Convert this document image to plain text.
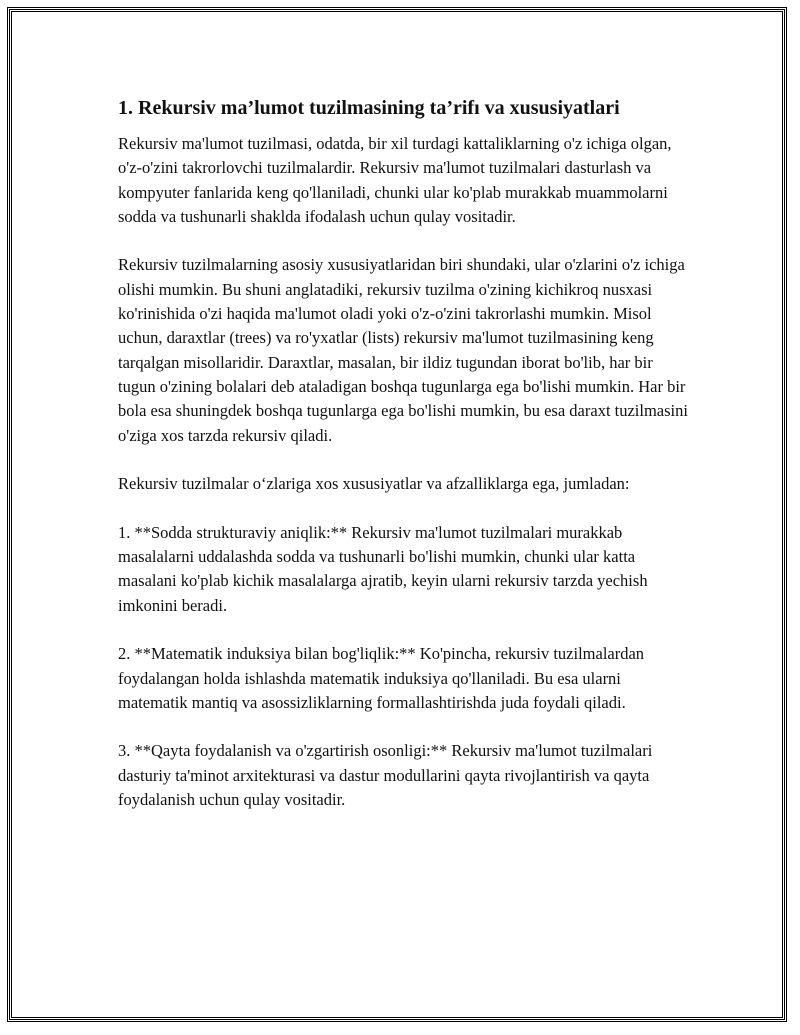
1. Rekursiv ma’lumot tuzilmasining ta’rifı va xususiyatlari

Rekursiv ma'lumot tuzilmasi, odatda, bir xil turdagi kattaliklarning o'z ichiga olgan, o'z-o'zini takrorlovchi tuzilmalardir. Rekursiv ma'lumot tuzilmalari dasturlash va kompyuter fanlarida keng qo'llaniladi, chunki ular ko'plab murakkab muammolarni sodda va tushunarli shaklda ifodalash uchun qulay vositadir.

Rekursiv tuzilmalarning asosiy xususiyatlaridan biri shundaki, ular o'zlarini o'z ichiga olishi mumkin. Bu shuni anglatadiki, rekursiv tuzilma o'zining kichikroq nusxasi ko'rinishida o'zi haqida ma'lumot oladi yoki o'z-o'zini takrorlashi mumkin. Misol uchun, daraxtlar (trees) va ro'yxatlar (lists) rekursiv ma'lumot tuzilmasining keng tarqalgan misollaridir. Daraxtlar, masalan, bir ildiz tugundan iborat bo'lib, har bir tugun o'zining bolalari deb ataladigan boshqa tugunlarga ega bo'lishi mumkin. Har bir bola esa shuningdek boshqa tugunlarga ega bo'lishi mumkin, bu esa daraxt tuzilmasini o'ziga xos tarzda rekursiv qiladi.

Rekursiv tuzilmalar o‘zlariga xos xususiyatlar va afzalliklarga ega, jumladan:

1. **Sodda strukturaviy aniqlik:** Rekursiv ma'lumot tuzilmalari murakkab masalalarni uddalashda sodda va tushunarli bo'lishi mumkin, chunki ular katta masalani ko'plab kichik masalalarga ajratib, keyin ularni rekursiv tarzda yechish imkonini beradi.

2. **Matematik induksiya bilan bog'liqlik:** Ko'pincha, rekursiv tuzilmalardan foydalangan holda ishlashda matematik induksiya qo'llaniladi. Bu esa ularni matematik mantiq va asossizliklarning formallashtirishda juda foydali qiladi.

3. **Qayta foydalanish va o'zgartirish osonligi:** Rekursiv ma'lumot tuzilmalari dasturiy ta'minot arxitekturasi va dastur modullarini qayta rivojlantirish va qayta foydalanish uchun qulay vositadir.
